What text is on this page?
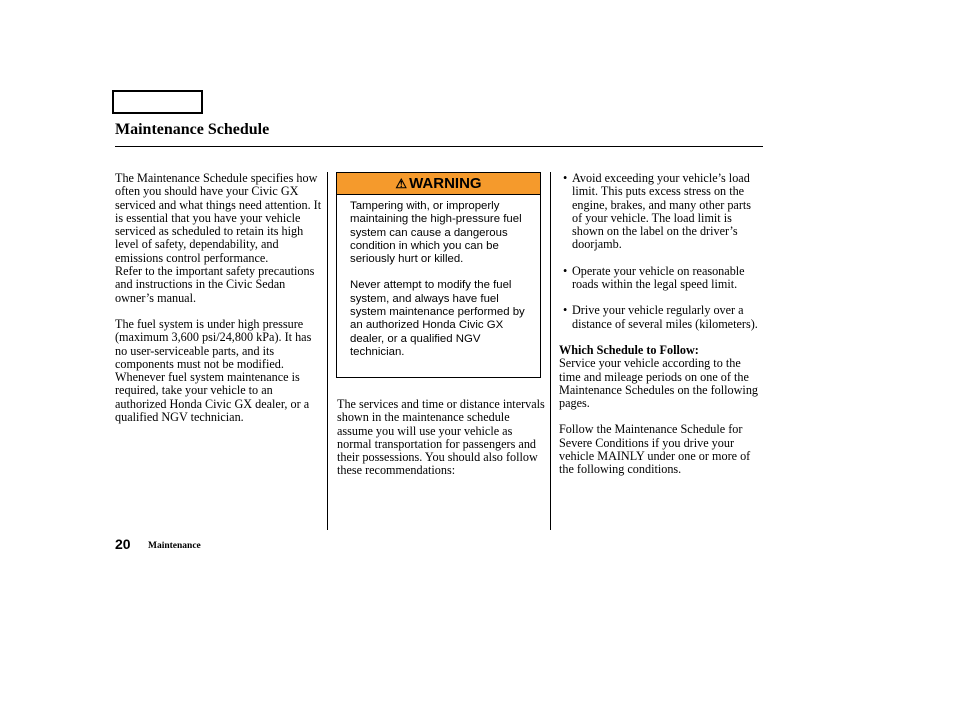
Maintenance Schedule

The Maintenance Schedule specifies how often you should have your Civic GX serviced and what things need attention. It is essential that you have your vehicle serviced as scheduled to retain its high level of safety, dependability, and emissions control performance.

Refer to the important safety precautions and instructions in the Civic Sedan owner’s manual.

The fuel system is under high pressure (maximum 3,600 psi/24,800 kPa). It has no user-serviceable parts, and its components must not be modified. Whenever fuel system maintenance is required, take your vehicle to an authorized Honda Civic GX dealer, or a qualified NGV technician.

⚠ WARNING

Tampering with, or improperly maintaining the high-pressure fuel system can cause a dangerous condition in which you can be seriously hurt or killed.

Never attempt to modify the fuel system, and always have fuel system maintenance performed by an authorized Honda Civic GX dealer, or a qualified NGV technician.

The services and time or distance intervals shown in the maintenance schedule assume you will use your vehicle as normal transportation for passengers and their possessions. You should also follow these recommendations:

• Avoid exceeding your vehicle’s load limit. This puts excess stress on the engine, brakes, and many other parts of your vehicle. The load limit is shown on the label on the driver’s doorjamb.

• Operate your vehicle on reasonable roads within the legal speed limit.

• Drive your vehicle regularly over a distance of several miles (kilometers).

Which Schedule to Follow:

Service your vehicle according to the time and mileage periods on one of the Maintenance Schedules on the following pages.

Follow the Maintenance Schedule for Severe Conditions if you drive your vehicle MAINLY under one or more of the following conditions.

20 Maintenance
